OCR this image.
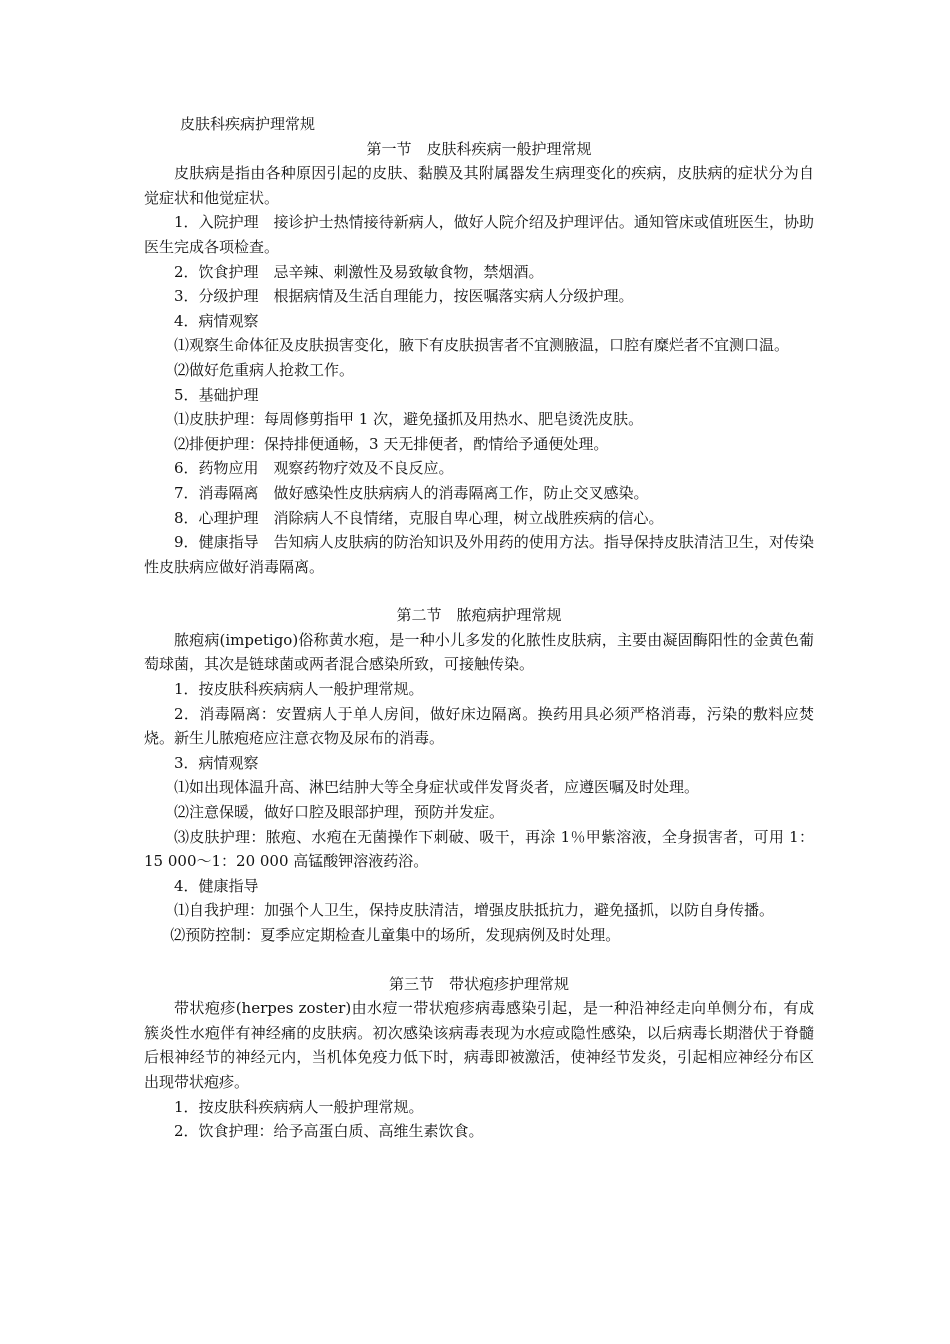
皮肤科疾病护理常规

第一节　皮肤科疾病一般护理常规

皮肤病是指由各种原因引起的皮肤、黏膜及其附属器发生病理变化的疾病，皮肤病的症状分为自觉症状和他觉症状。

1．入院护理　接诊护士热情接待新病人，做好人院介绍及护理评估。通知管床或值班医生，协助医生完成各项检查。

2．饮食护理　忌辛辣、刺激性及易致敏食物，禁烟酒。

3．分级护理　根据病情及生活自理能力，按医嘱落实病人分级护理。

4．病情观察

⑴观察生命体征及皮肤损害变化，腋下有皮肤损害者不宜测腋温，口腔有糜烂者不宜测口温。

⑵做好危重病人抢救工作。

5．基础护理

⑴皮肤护理：每周修剪指甲 1 次，避免搔抓及用热水、肥皂烫洗皮肤。

⑵排便护理：保持排便通畅，3 天无排便者，酌情给予通便处理。

6．药物应用　观察药物疗效及不良反应。

7．消毒隔离　做好感染性皮肤病病人的消毒隔离工作，防止交叉感染。

8．心理护理　消除病人不良情绪，克服自卑心理，树立战胜疾病的信心。

9．健康指导　告知病人皮肤病的防治知识及外用药的使用方法。指导保持皮肤清洁卫生，对传染性皮肤病应做好消毒隔离。

第二节　脓疱病护理常规

脓疱病(impetigo)俗称黄水疱，是一种小儿多发的化脓性皮肤病，主要由凝固酶阳性的金黄色葡萄球菌，其次是链球菌或两者混合感染所致，可接触传染。

1．按皮肤科疾病病人一般护理常规。

2．消毒隔离：安置病人于单人房间，做好床边隔离。换药用具必须严格消毒，污染的敷料应焚烧。新生儿脓疱疮应注意衣物及尿布的消毒。

3．病情观察

⑴如出现体温升高、淋巴结肿大等全身症状或伴发肾炎者，应遵医嘱及时处理。

⑵注意保暖，做好口腔及眼部护理，预防并发症。

⑶皮肤护理：脓疱、水疱在无菌操作下刺破、吸干，再涂 1％甲紫溶液，全身损害者，可用 1：15 000～1：20 000 高锰酸钾溶液药浴。

4．健康指导

⑴自我护理：加强个人卫生，保持皮肤清洁，增强皮肤抵抗力，避免搔抓，以防自身传播。

⑵预防控制：夏季应定期检查儿童集中的场所，发现病例及时处理。

第三节　带状疱疹护理常规

带状疱疹(herpes zoster)由水痘一带状疱疹病毒感染引起，是一种沿神经走向单侧分布，有成簇炎性水疱伴有神经痛的皮肤病。初次感染该病毒表现为水痘或隐性感染，以后病毒长期潜伏于脊髓后根神经节的神经元内，当机体免疫力低下时，病毒即被激活，使神经节发炎，引起相应神经分布区出现带状疱疹。

1．按皮肤科疾病病人一般护理常规。

2．饮食护理：给予高蛋白质、高维生素饮食。
